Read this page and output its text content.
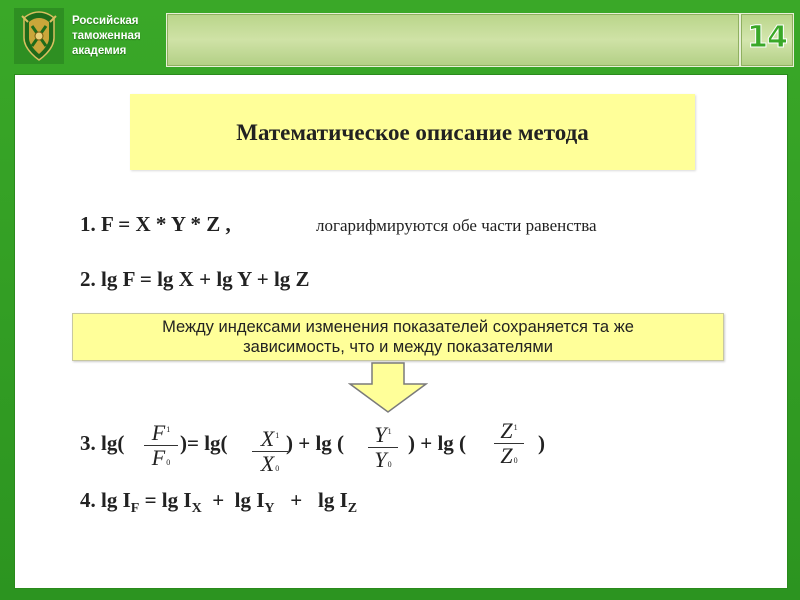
Российская
таможенная
академия	14
Математическое описание метода
1. F = X * Y * Z ,	логарифмируются обе части равенства
2. lg F = lg X + lg Y + lg Z
Между индексами изменения показателей сохраняется та же
зависимость, что и между показателями
3. lg(	$F^1$
F0
)= lg(	$X^1$
X0
) + lg ( $Y^1$
Y0
) + lg ( $Z^1$
Z0
)
4. $\lg I_F = \lg I_X + \lg I_Y + \lg I_Z$
